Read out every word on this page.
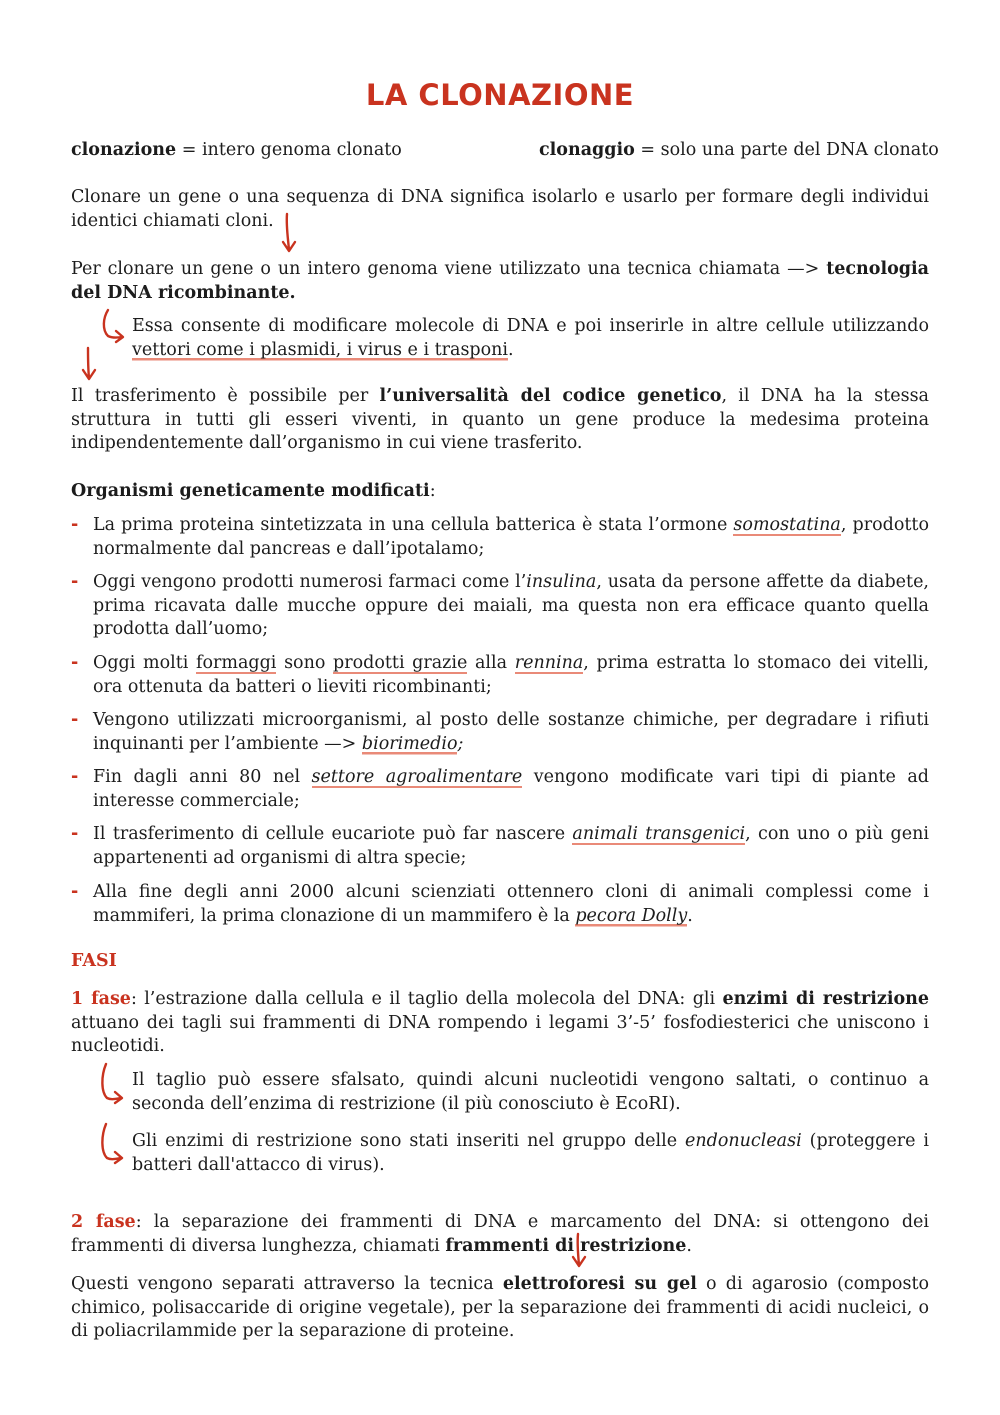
LA CLONAZIONE
clonazione = intero genoma clonato	clonaggio = solo una parte del DNA clonato

Clonare un gene o una sequenza di DNA significa isolarlo e usarlo per formare degli individui identici chiamati cloni.

Per clonare un gene o un intero genoma viene utilizzato una tecnica chiamata —> tecnologia del DNA ricombinante.

Essa consente di modificare molecole di DNA e poi inserirle in altre cellule utilizzando vettori come i plasmidi, i virus e i trasponi.

Il trasferimento è possibile per l’universalità del codice genetico, il DNA ha la stessa struttura in tutti gli esseri viventi, in quanto un gene produce la medesima proteina indipendentemente dall’organismo in cui viene trasferito.

Organismi geneticamente modificati:
- La prima proteina sintetizzata in una cellula batterica è stata l’ormone somostatina, prodotto normalmente dal pancreas e dall’ipotalamo;
- Oggi vengono prodotti numerosi farmaci come l’insulina, usata da persone affette da diabete, prima ricavata dalle mucche oppure dei maiali, ma questa non era efficace quanto quella prodotta dall’uomo;
- Oggi molti formaggi sono prodotti grazie alla rennina, prima estratta lo stomaco dei vitelli, ora ottenuta da batteri o lieviti ricombinanti;
- Vengono utilizzati microorganismi, al posto delle sostanze chimiche, per degradare i rifiuti inquinanti per l’ambiente —> biorimedio;
- Fin dagli anni 80 nel settore agroalimentare vengono modificate vari tipi di piante ad interesse commerciale;
- Il trasferimento di cellule eucariote può far nascere animali transgenici, con uno o più geni appartenenti ad organismi di altra specie;
- Alla fine degli anni 2000 alcuni scienziati ottennero cloni di animali complessi come i mammiferi, la prima clonazione di un mammifero è la pecora Dolly.
FASI

1 fase: l’estrazione dalla cellula e il taglio della molecola del DNA: gli enzimi di restrizione attuano dei tagli sui frammenti di DNA rompendo i legami 3’-5’ fosfodiesterici che uniscono i nucleotidi.

Il taglio può essere sfalsato, quindi alcuni nucleotidi vengono saltati, o continuo a seconda dell’enzima di restrizione (il più conosciuto è EcoRI).

Gli enzimi di restrizione sono stati inseriti nel gruppo delle endonucleasi (proteggere i batteri dall'attacco di virus).

2 fase: la separazione dei frammenti di DNA e marcamento del DNA: si ottengono dei frammenti di diversa lunghezza, chiamati frammenti di restrizione.

Questi vengono separati attraverso la tecnica elettroforesi su gel o di agarosio (composto chimico, polisaccaride di origine vegetale), per la separazione dei frammenti di acidi nucleici, o di poliacrilammide per la separazione di proteine.
